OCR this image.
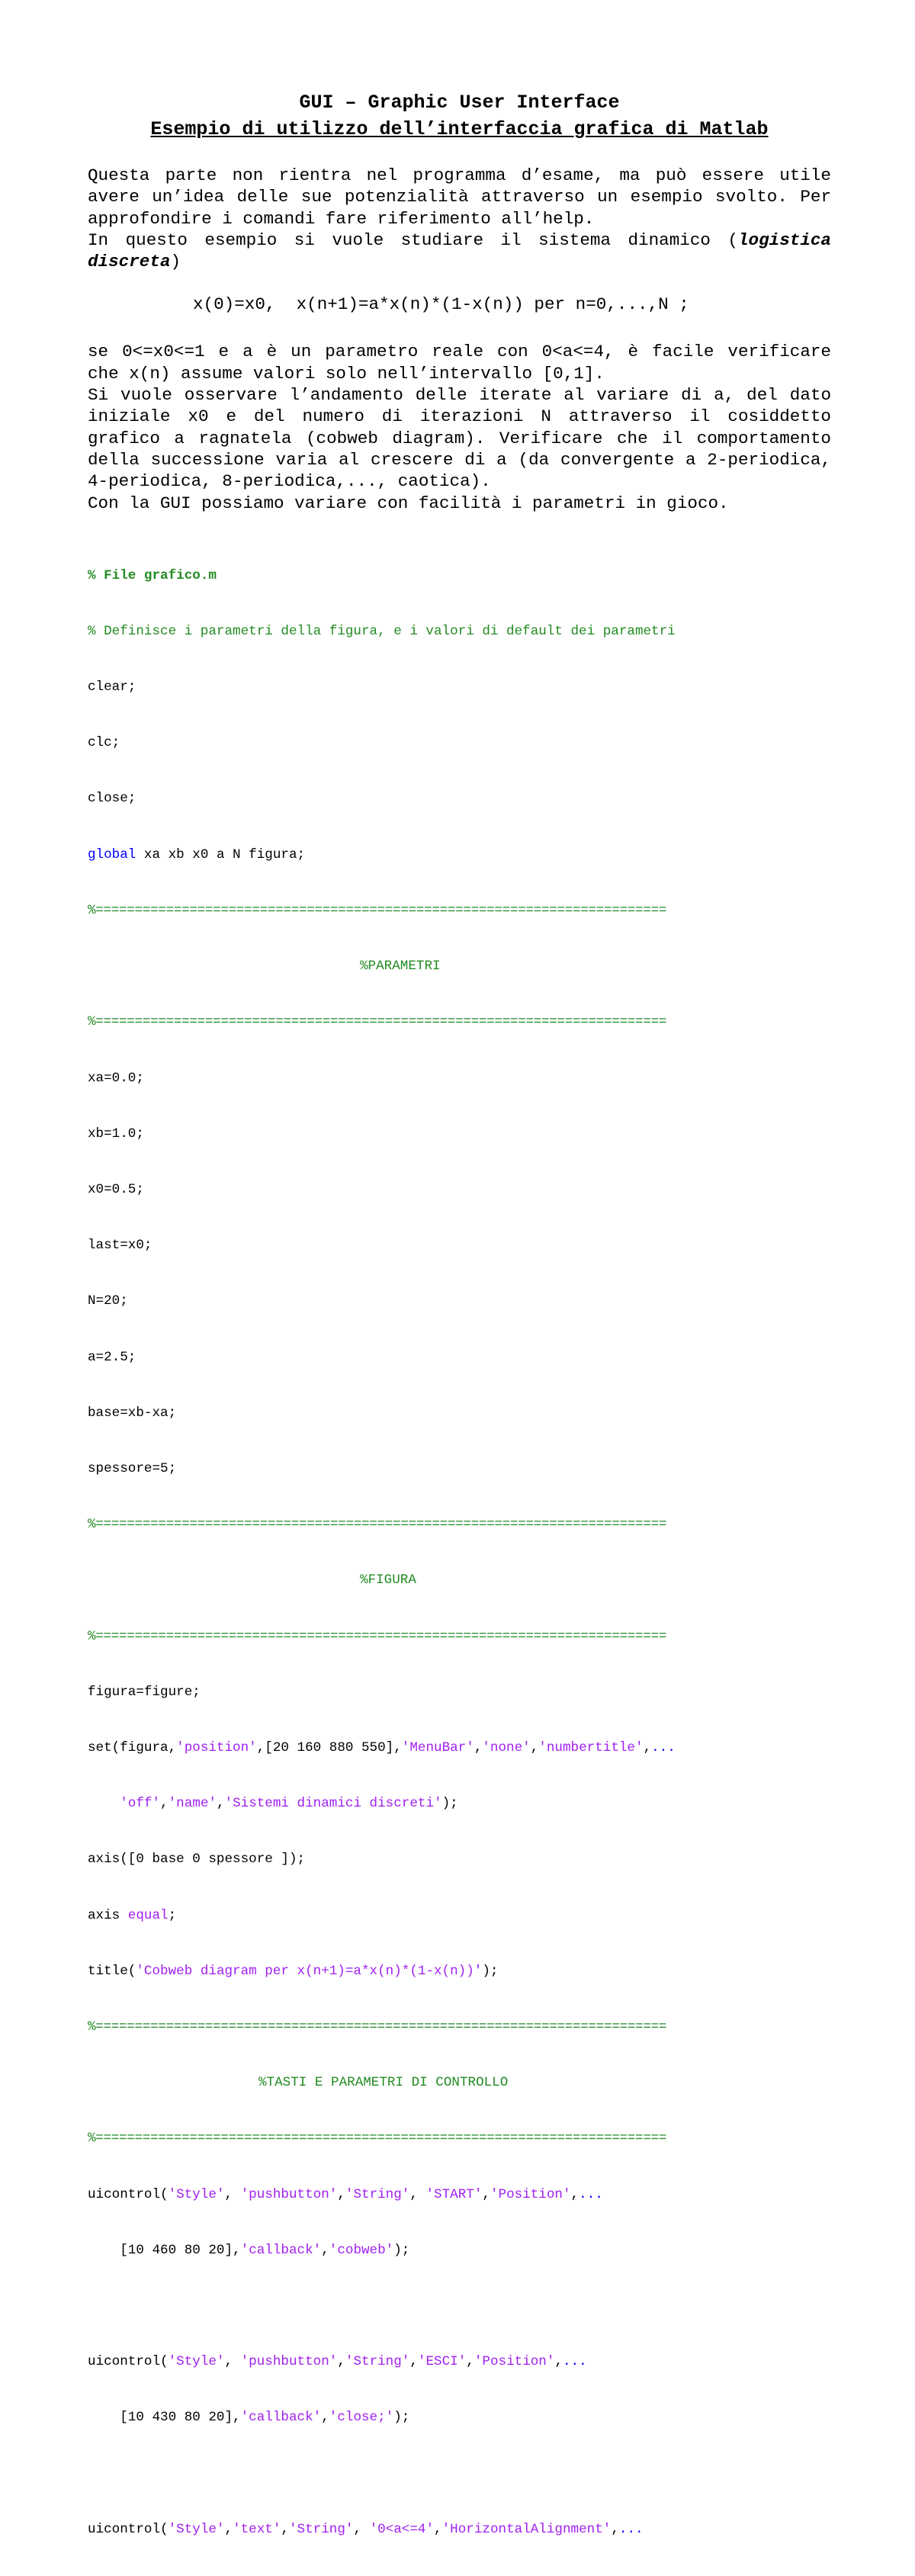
GUI – Graphic User Interface
Esempio di utilizzo dell’interfaccia grafica di Matlab

Questa parte non rientra nel programma d’esame, ma può essere utile avere un’idea delle sue potenzialità attraverso un esempio svolto. Per approfondire i comandi fare riferimento all’help.
In questo esempio si vuole studiare il sistema dinamico (logistica discreta)

x(0)=x0,  x(n+1)=a*x(n)*(1-x(n)) per n=0,...,N ;

se 0<=x0<=1 e a è un parametro reale con 0<a<=4, è facile verificare che x(n) assume valori solo nell’intervallo [0,1].
Si vuole osservare l’andamento delle iterate al variare di a, del dato iniziale x0 e del numero di iterazioni N attraverso il cosiddetto grafico a ragnatela (cobweb diagram). Verificare che il comportamento della successione varia al crescere di a (da convergente a 2-periodica, 4-periodica, 8-periodica,..., caotica).
Con la GUI possiamo variare con facilità i parametri in gioco.

% File grafico.m

% Definisce i parametri della figura, e i valori di default dei parametri

clear;

clc;

close;

global xa xb x0 a N figura;

%=========================================================================

%PARAMETRI

%=========================================================================

xa=0.0;

xb=1.0;

x0=0.5;

last=x0;

N=20;

a=2.5;

base=xb-xa;

spessore=5;

%=========================================================================

%FIGURA

%=========================================================================

figura=figure;

set(figura,'position',[20 160 880 550],'MenuBar','none','numbertitle',...

'off','name','Sistemi dinamici discreti');

axis([0 base 0 spessore ]);

axis equal;

title('Cobweb diagram per x(n+1)=a*x(n)*(1-x(n))');

%=========================================================================

%TASTI E PARAMETRI DI CONTROLLO

%=========================================================================

uicontrol('Style', 'pushbutton','String', 'START','Position',...

[10 460 80 20],'callback','cobweb');

uicontrol('Style', 'pushbutton','String','ESCI','Position',...

[10 430 80 20],'callback','close;');

uicontrol('Style','text','String', '0<a<=4','HorizontalAlignment',...
